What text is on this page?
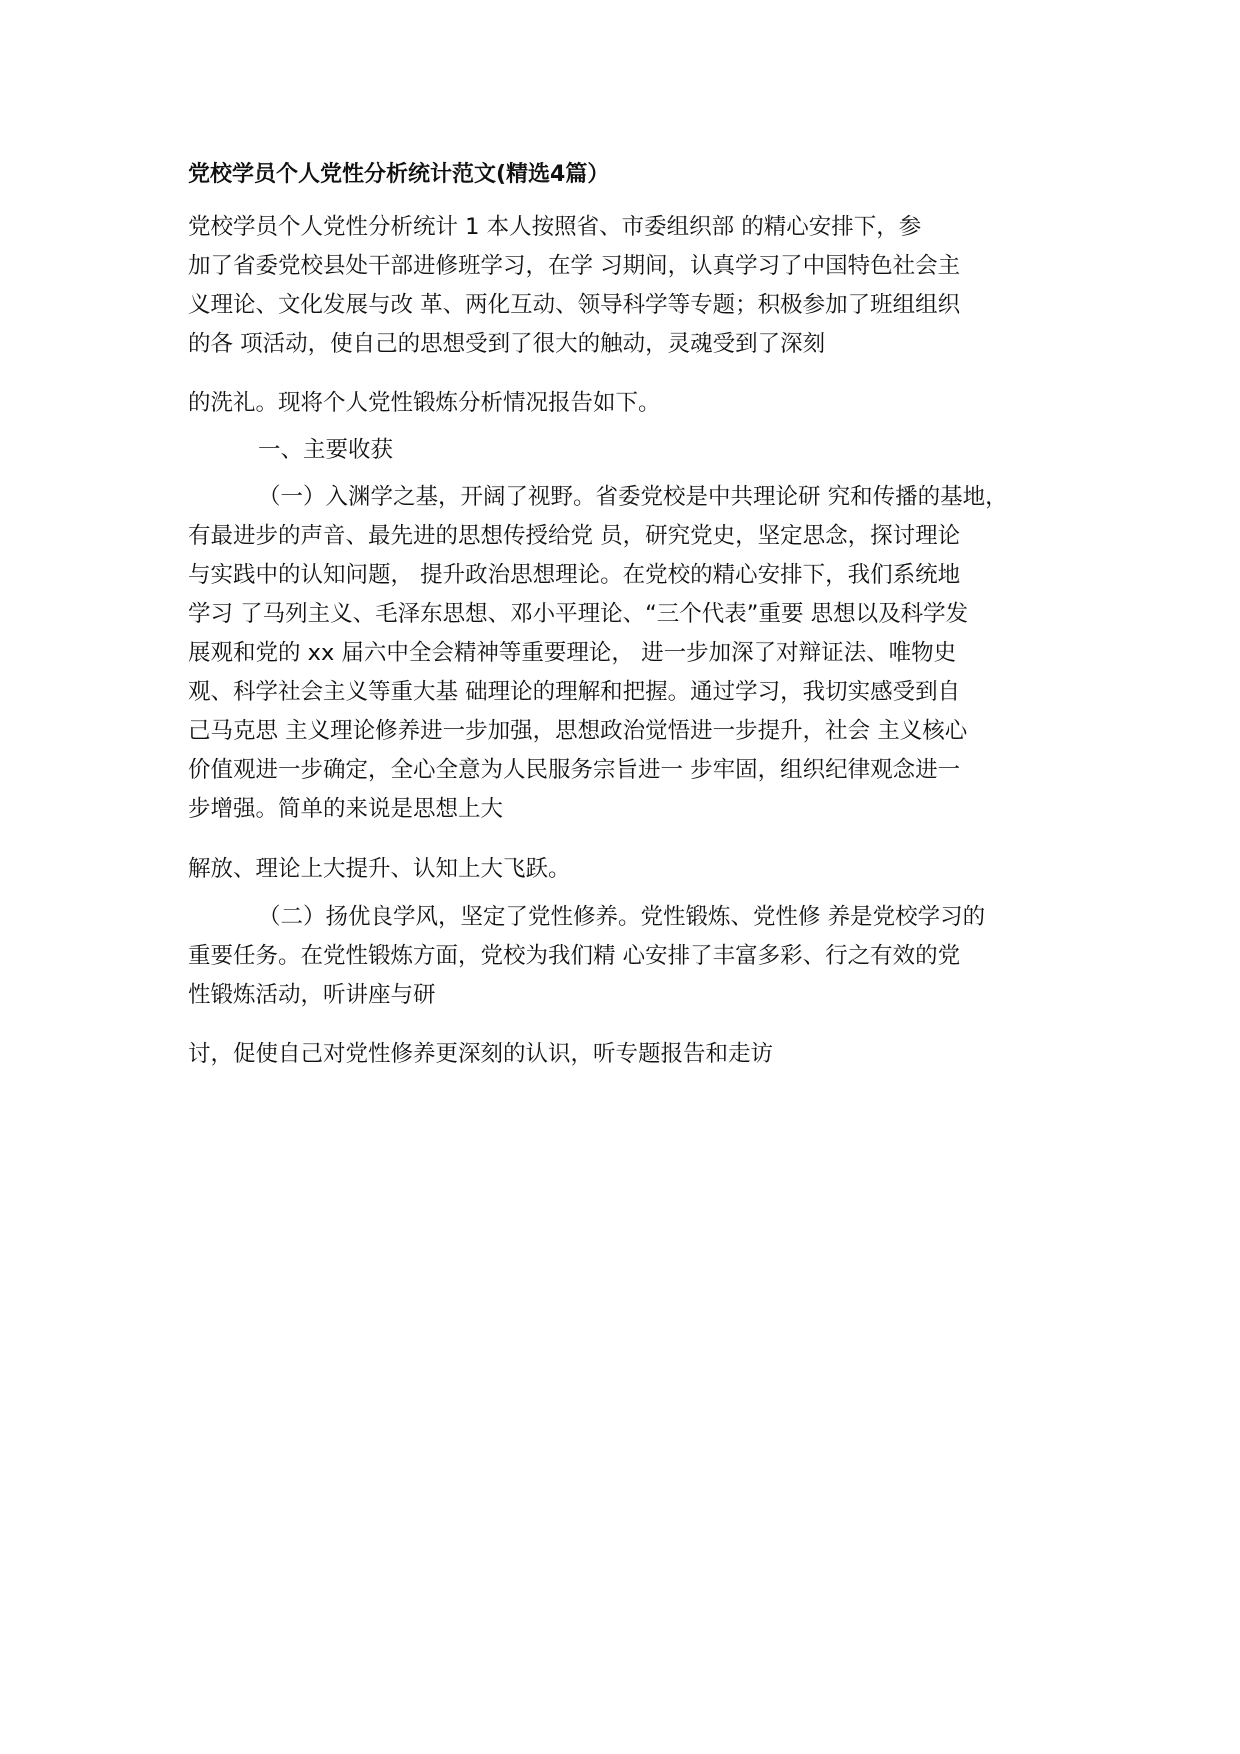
党校学员个人党性分析统计范文(精选4篇）
党校学员个人党性分析统计 1 本人按照省、市委组织部 的精心安排下，参
加了省委党校县处干部进修班学习，在学 习期间，认真学习了中国特色社会主
义理论、文化发展与改 革、两化互动、领导科学等专题；积极参加了班组组织
的各 项活动，使自己的思想受到了很大的触动，灵魂受到了深刻
的洗礼。现将个人党性锻炼分析情况报告如下。
一、主要收获
（一）入渊学之基，开阔了视野。省委党校是中共理论研 究和传播的基地，
有最进步的声音、最先进的思想传授给党 员，研究党史，坚定思念，探讨理论
与实践中的认知问题， 提升政治思想理论。在党校的精心安排下，我们系统地
学习 了马列主义、毛泽东思想、邓小平理论、“三个代表”重要 思想以及科学发
展观和党的 xx 届六中全会精神等重要理论， 进一步加深了对辩证法、唯物史
观、科学社会主义等重大基 础理论的理解和把握。通过学习，我切实感受到自
己马克思 主义理论修养进一步加强，思想政治觉悟进一步提升，社会 主义核心
价值观进一步确定，全心全意为人民服务宗旨进一 步牢固，组织纪律观念进一
步增强。简单的来说是思想上大
解放、理论上大提升、认知上大飞跃。
（二）扬优良学风，坚定了党性修养。党性锻炼、党性修 养是党校学习的
重要任务。在党性锻炼方面，党校为我们精 心安排了丰富多彩、行之有效的党
性锻炼活动，听讲座与研
讨，促使自己对党性修养更深刻的认识，听专题报告和走访
